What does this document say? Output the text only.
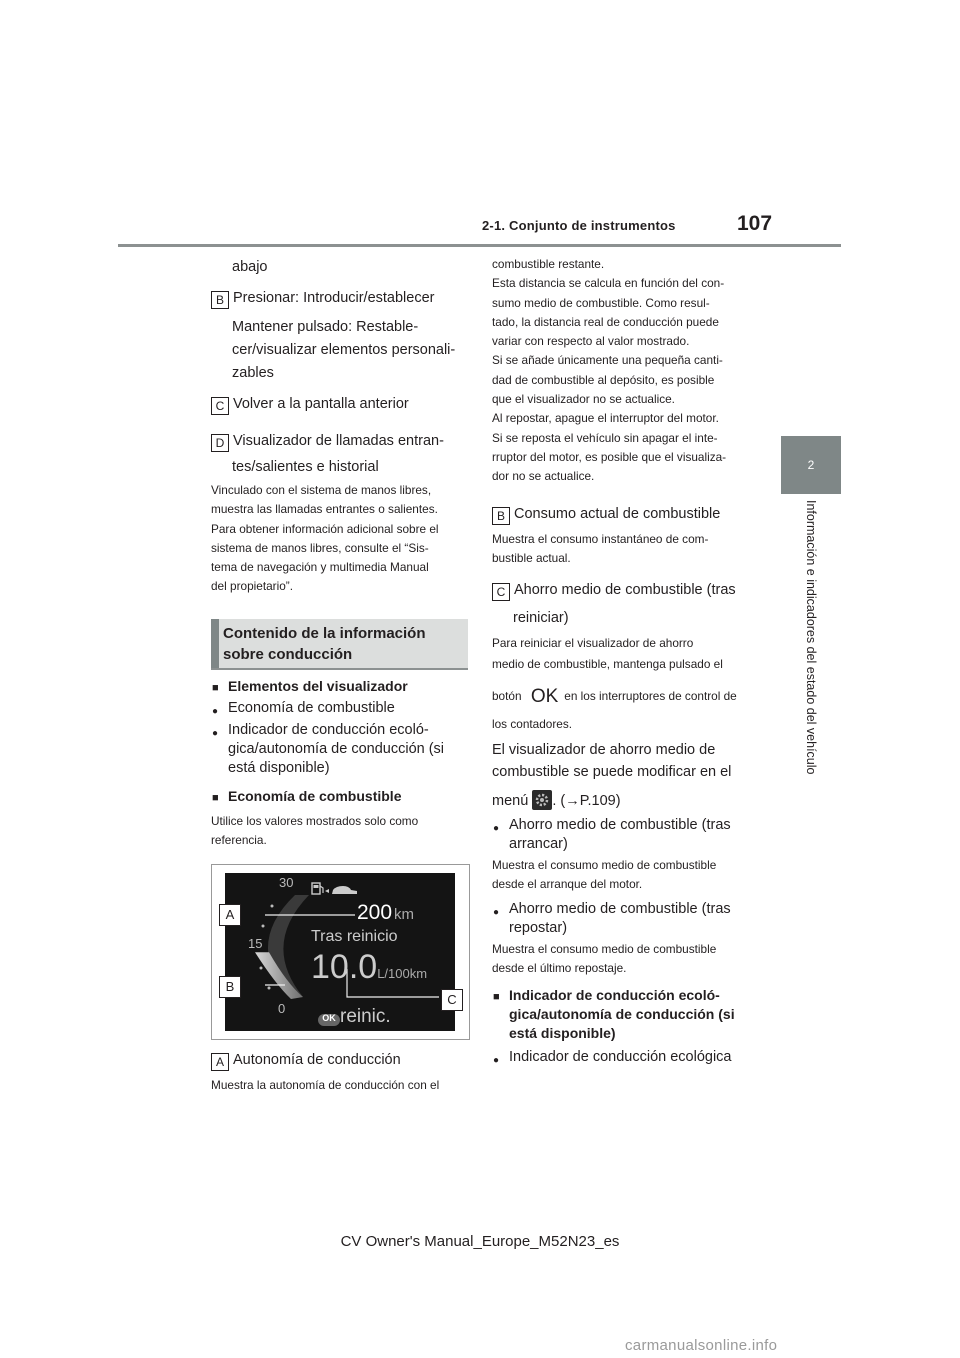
2-1. Conjunto de instrumentos	107
2
Información e indicadores del estado del vehículo
abajo
B Presionar: Introducir/establecer
Mantener pulsado: Restable-
cer/visualizar elementos personali-
zables
C Volver a la pantalla anterior
D Visualizador de llamadas entran-
tes/salientes e historial
Vinculado con el sistema de manos libres,
muestra las llamadas entrantes o salientes.
Para obtener información adicional sobre el
sistema de manos libres, consulte el “Sis-
tema de navegación y multimedia Manual
del propietario”.
Contenido de la información
sobre conducción
Elementos del visualizador
Economía de combustible
Indicador de conducción ecoló-
gica/autonomía de conducción (si
está disponible)
Economía de combustible
Utilice los valores mostrados solo como
referencia.
30
15
0
200 km
Tras reinicio
10.0L/100km
OK reinic.
A
B
C
A Autonomía de conducción
Muestra la autonomía de conducción con el
combustible restante.
Esta distancia se calcula en función del con-
sumo medio de combustible. Como resul-
tado, la distancia real de conducción puede
variar con respecto al valor mostrado.
Si se añade únicamente una pequeña canti-
dad de combustible al depósito, es posible
que el visualizador no se actualice.
Al repostar, apague el interruptor del motor.
Si se reposta el vehículo sin apagar el inte-
rruptor del motor, es posible que el visualiza-
dor no se actualice.
B Consumo actual de combustible
Muestra el consumo instantáneo de com-
bustible actual.
C Ahorro medio de combustible (tras
reiniciar)
Para reiniciar el visualizador de ahorro
medio de combustible, mantenga pulsado el
botón OK en los interruptores de control de
los contadores.
El visualizador de ahorro medio de
combustible se puede modificar en el
menú . (→P.109)
Ahorro medio de combustible (tras
arrancar)
Muestra el consumo medio de combustible
desde el arranque del motor.
Ahorro medio de combustible (tras
repostar)
Muestra el consumo medio de combustible
desde el último repostaje.
Indicador de conducción ecoló-
gica/autonomía de conducción (si
está disponible)
Indicador de conducción ecológica
CV Owner's Manual_Europe_M52N23_es
carmanualsonline.info
